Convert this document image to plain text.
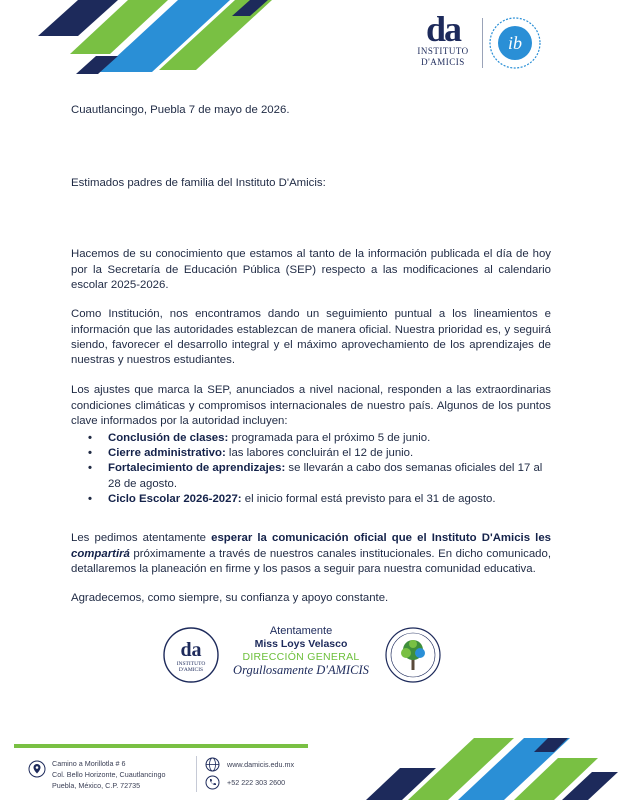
da
INSTITUTO
D'AMICIS
ib
Cuautlancingo, Puebla 7 de mayo de 2026.
Estimados padres de familia del Instituto D'Amicis:

Hacemos de su conocimiento que estamos al tanto de la información publicada el día de hoy por la Secretaría de Educación Pública (SEP) respecto a las modificaciones al calendario escolar 2025-2026.

Como Institución, nos encontramos dando un seguimiento puntual a los lineamientos e información que las autoridades establezcan de manera oficial. Nuestra prioridad es, y seguirá siendo, favorecer el desarrollo integral y el máximo aprovechamiento de los aprendizajes de nuestras y nuestros estudiantes.

Los ajustes que marca la SEP, anunciados a nivel nacional, responden a las extraordinarias condiciones climáticas y compromisos internacionales de nuestro país. Algunos de los puntos clave informados por la autoridad incluyen:

• Conclusión de clases: programada para el próximo 5 de junio.
• Cierre administrativo: las labores concluirán el 12 de junio.
• Fortalecimiento de aprendizajes: se llevarán a cabo dos semanas oficiales del 17 al 28 de agosto.
• Ciclo Escolar 2026-2027: el inicio formal está previsto para el 31 de agosto.

Les pedimos atentamente esperar la comunicación oficial que el Instituto D'Amicis les compartirá próximamente a través de nuestros canales institucionales. En dicho comunicado, detallaremos la planeación en firme y los pasos a seguir para nuestra comunidad educativa.

Agradecemos, como siempre, su confianza y apoyo constante.

da
INSTITUTO
D'AMICIS
Atentamente
Miss Loys Velasco
DIRECCIÓN GENERAL
Orgullosamente D'AMICIS
Camino a Morillotla # 6
Col. Bello Horizonte, Cuautlancingo
Puebla, México, C.P. 72735
www.damicis.edu.mx
+52 222 303 2600
